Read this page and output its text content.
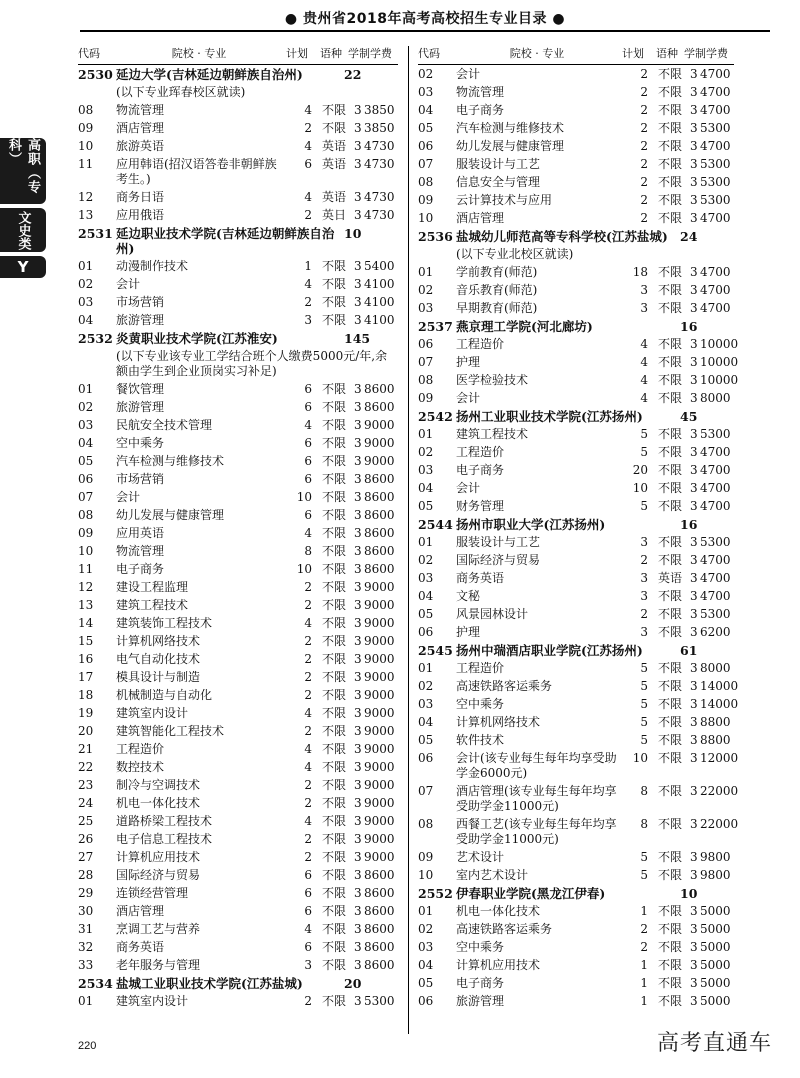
● 贵州省2018年高考高校招生专业目录 ●
高职（专科）
文史类
Y
代码	院校 · 专业	计划	语种 学制 学费
2530 延边大学(吉林延边朝鲜族自治州)	22
(以下专业珲春校区就读)
08	物流管理	4 不限 3 3850
09	酒店管理	2 不限 3 3850
10	旅游英语	4 英语 3 4730
11	应用韩语(招汉语答卷非朝鲜族考生。)
6 英语 3 4730
12	商务日语	4 英语 3 4730
13	应用俄语	2 英日 3 4730
2531 延边职业技术学院(吉林延边朝鲜族自治州)
10
01	动漫制作技术	1 不限 3 5400
02	会计	4 不限 3 4100
03	市场营销	2 不限 3 4100
04	旅游管理	3 不限 3 4100
2532 炎黄职业技术学院(江苏淮安)	145
(以下专业该专业工学结合班个人缴费5000元/年,余额由学生到企业顶岗实习补足)
01	餐饮管理	6 不限 3 8600
02	旅游管理	6 不限 3 8600
03	民航安全技术管理	4 不限 3 9000
04	空中乘务	6 不限 3 9000
05	汽车检测与维修技术	6 不限 3 9000
06	市场营销	6 不限 3 8600
07	会计	10 不限 3 8600
08	幼儿发展与健康管理	6 不限 3 8600
09	应用英语	4 不限 3 8600
10	物流管理	8 不限 3 8600
11	电子商务	10 不限 3 8600
12	建设工程监理	2 不限 3 9000
13	建筑工程技术	2 不限 3 9000
14	建筑装饰工程技术	4 不限 3 9000
15	计算机网络技术	2 不限 3 9000
16	电气自动化技术	2 不限 3 9000
17	模具设计与制造	2 不限 3 9000
18	机械制造与自动化	2 不限 3 9000
19	建筑室内设计	4 不限 3 9000
20	建筑智能化工程技术	2 不限 3 9000
21	工程造价	4 不限 3 9000
22	数控技术	4 不限 3 9000
23	制冷与空调技术	2 不限 3 9000
24	机电一体化技术	2 不限 3 9000
25	道路桥梁工程技术	4 不限 3 9000
26	电子信息工程技术	2 不限 3 9000
27	计算机应用技术	2 不限 3 9000
28	国际经济与贸易	6 不限 3 8600
29	连锁经营管理	6 不限 3 8600
30	酒店管理	6 不限 3 8600
31	烹调工艺与营养	4 不限 3 8600
32	商务英语	6 不限 3 8600
33	老年服务与管理	3 不限 3 8600
2534 盐城工业职业技术学院(江苏盐城)	20
01	建筑室内设计	2 不限 3 5300
代码	院校 · 专业	计划	语种 学制 学费
02	会计	2 不限 3 4700
03	物流管理	2 不限 3 4700
04	电子商务	2 不限 3 4700
05	汽车检测与维修技术	2 不限 3 5300
06	幼儿发展与健康管理	2 不限 3 4700
07	服装设计与工艺	2 不限 3 5300
08	信息安全与管理	2 不限 3 5300
09	云计算技术与应用	2 不限 3 5300
10	酒店管理	2 不限 3 4700
2536 盐城幼儿师范高等专科学校(江苏盐城) 24
(以下专业北校区就读)
01	学前教育(师范)	18 不限 3 4700
02	音乐教育(师范)	3 不限 3 4700
03	早期教育(师范)	3 不限 3 4700
2537 燕京理工学院(河北廊坊)	16
06	工程造价	4 不限 3 10000
07	护理	4 不限 3 10000
08	医学检验技术	4 不限 3 10000
09	会计	4 不限 3 8000
2542 扬州工业职业技术学院(江苏扬州)	45
01	建筑工程技术	5 不限 3 5300
02	工程造价	5 不限 3 4700
03	电子商务	20 不限 3 4700
04	会计	10 不限 3 4700
05	财务管理	5 不限 3 4700
2544 扬州市职业大学(江苏扬州)	16
01	服装设计与工艺	3 不限 3 5300
02	国际经济与贸易	2 不限 3 4700
03	商务英语	3 英语 3 4700
04	文秘	3 不限 3 4700
05	风景园林设计	2 不限 3 5300
06	护理	3 不限 3 6200
2545 扬州中瑞酒店职业学院(江苏扬州)	61
01	工程造价	5 不限 3 8000
02	高速铁路客运乘务	5 不限 3 14000
03	空中乘务	5 不限 3 14000
04	计算机网络技术	5 不限 3 8800
05	软件技术	5 不限 3 8800
06	会计(该专业每生每年均享受助学金6000元)
10 不限 3 12000
07	酒店管理(该专业每生每年均享受助学金11000元)
8 不限 3 22000
08	西餐工艺(该专业每生每年均享受助学金11000元)
8 不限 3 22000
09	艺术设计	5 不限 3 9800
10	室内艺术设计	5 不限 3 9800
2552 伊春职业学院(黑龙江伊春)	10
01	机电一体化技术	1 不限 3 5000
02	高速铁路客运乘务	2 不限 3 5000
03	空中乘务	2 不限 3 5000
04	计算机应用技术	1 不限 3 5000
05	电子商务	1 不限 3 5000
06	旅游管理	1 不限 3 5000
220	高考直通车
